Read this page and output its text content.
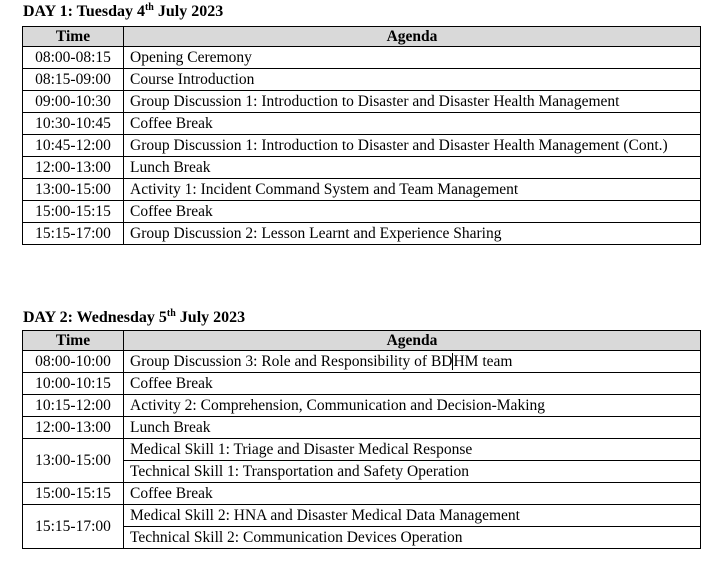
DAY 1: Tuesday 4th July 2023
Time	Agenda
08:00-08:15	Opening Ceremony
08:15-09:00	Course Introduction
09:00-10:30	Group Discussion 1: Introduction to Disaster and Disaster Health Management
10:30-10:45	Coffee Break
10:45-12:00	Group Discussion 1: Introduction to Disaster and Disaster Health Management (Cont.)
12:00-13:00	Lunch Break
13:00-15:00	Activity 1: Incident Command System and Team Management
15:00-15:15	Coffee Break
15:15-17:00	Group Discussion 2: Lesson Learnt and Experience Sharing
DAY 2: Wednesday 5th July 2023
Time	Agenda
08:00-10:00	Group Discussion 3: Role and Responsibility of BDHM team
10:00-10:15	Coffee Break
10:15-12:00	Activity 2: Comprehension, Communication and Decision-Making
12:00-13:00	Lunch Break
13:00-15:00	Medical Skill 1: Triage and Disaster Medical Response
	Technical Skill 1: Transportation and Safety Operation
15:00-15:15	Coffee Break
15:15-17:00	Medical Skill 2: HNA and Disaster Medical Data Management
	Technical Skill 2: Communication Devices Operation
